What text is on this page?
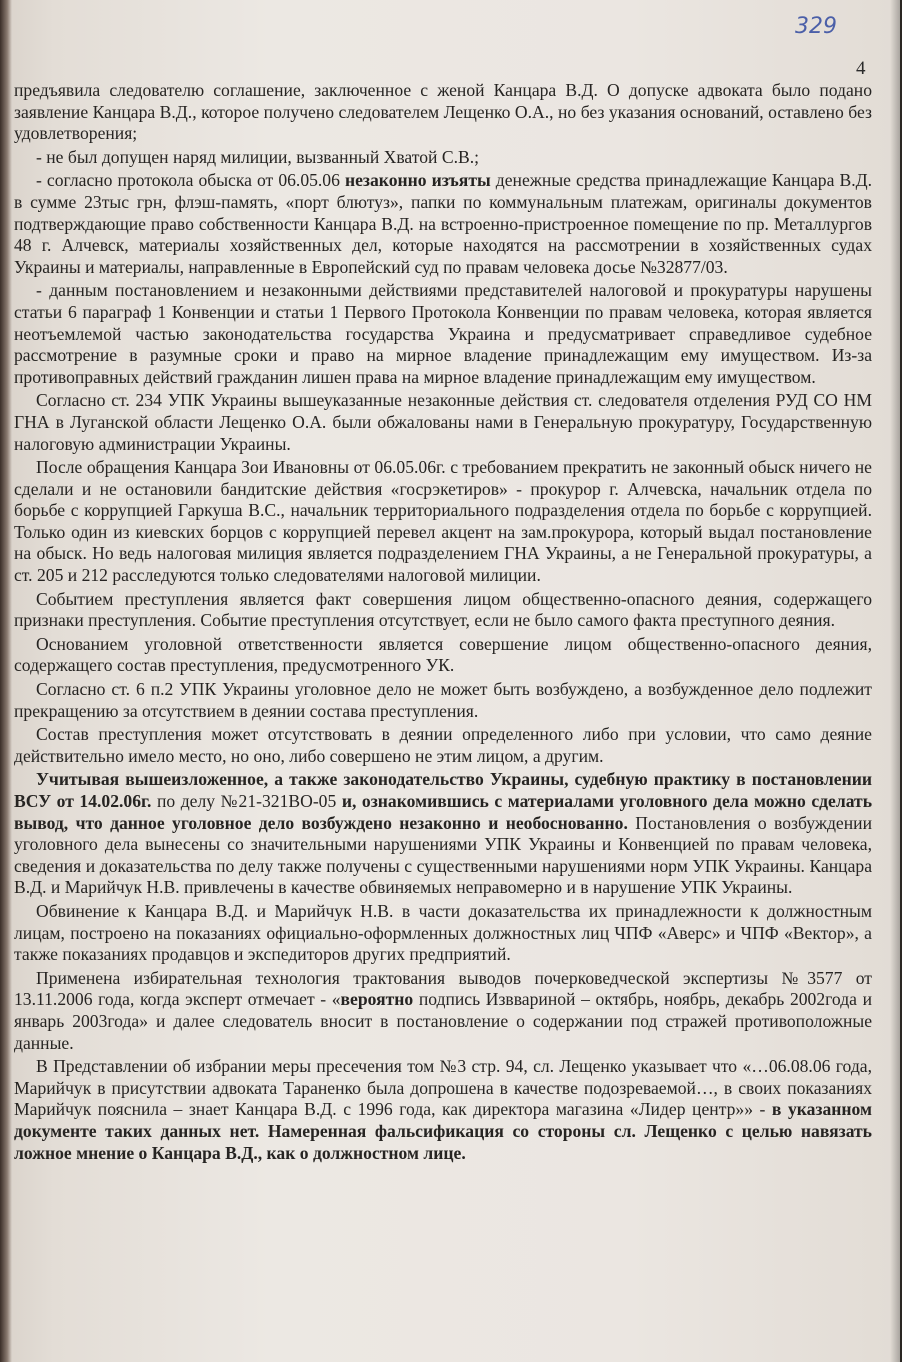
329
4

предъявила следователю соглашение, заключенное с женой Канцара В.Д. О допуске адвоката было подано заявление Канцара В.Д., которое получено следователем Лещенко О.А., но без указания оснований, оставлено без удовлетворения;

- не был допущен наряд милиции, вызванный Хватой С.В.;

- согласно протокола обыска от 06.05.06 незаконно изъяты денежные средства принадлежащие Канцара В.Д. в сумме 23тыс грн, флэш-память, «порт блютуз», папки по коммунальным платежам, оригиналы документов подтверждающие право собственности Канцара В.Д. на встроенно-пристроенное помещение по пр. Металлургов 48 г. Алчевск, материалы хозяйственных дел, которые находятся на рассмотрении в хозяйственных судах Украины и материалы, направленные в Европейский суд по правам человека досье №32877/03.

- данным постановлением и незаконными действиями представителей налоговой и прокуратуры нарушены статьи 6 параграф 1 Конвенции и статьи 1 Первого Протокола Конвенции по правам человека, которая является неотъемлемой частью законодательства государства Украина и предусматривает справедливое судебное рассмотрение в разумные сроки и право на мирное владение принадлежащим ему имуществом. Из-за противоправных действий гражданин лишен права на мирное владение принадлежащим ему имуществом.

Согласно ст. 234 УПК Украины вышеуказанные незаконные действия ст. следователя отделения РУД СО НМ ГНА в Луганской области Лещенко О.А. были обжалованы нами в Генеральную прокуратуру, Государственную налоговую администрации Украины.

После обращения Канцара Зои Ивановны от 06.05.06г. с требованием прекратить не законный обыск ничего не сделали и не остановили бандитские действия «госрэкетиров» - прокурор г. Алчевска, начальник отдела по борьбе с коррупцией Гаркуша В.С., начальник территориального подразделения отдела по борьбе с коррупцией. Только один из киевских борцов с коррупцией перевел акцент на зам.прокурора, который выдал постановление на обыск. Но ведь налоговая милиция является подразделением ГНА Украины, а не Генеральной прокуратуры, а ст. 205 и 212 расследуются только следователями налоговой милиции.

Событием преступления является факт совершения лицом общественно-опасного деяния, содержащего признаки преступления. Событие преступления отсутствует, если не было самого факта преступного деяния.

Основанием уголовной ответственности является совершение лицом общественно-опасного деяния, содержащего состав преступления, предусмотренного УК.

Согласно ст. 6 п.2 УПК Украины уголовное дело не может быть возбуждено, а возбужденное дело подлежит прекращению за отсутствием в деянии состава преступления.

Состав преступления может отсутствовать в деянии определенного либо при условии, что само деяние действительно имело место, но оно, либо совершено не этим лицом, а другим.

Учитывая вышеизложенное, а также законодательство Украины, судебную практику в постановлении ВСУ от 14.02.06г. по делу №21-321ВО-05 и, ознакомившись с материалами уголовного дела можно сделать вывод, что данное уголовное дело возбуждено незаконно и необоснованно. Постановления о возбуждении уголовного дела вынесены со значительными нарушениями УПК Украины и Конвенцией по правам человека, сведения и доказательства по делу также получены с существенными нарушениями норм УПК Украины. Канцара В.Д. и Марийчук Н.В. привлечены в качестве обвиняемых неправомерно и в нарушение УПК Украины.

Обвинение к Канцара В.Д. и Марийчук Н.В. в части доказательства их принадлежности к должностным лицам, построено на показаниях официально-оформленных должностных лиц ЧПФ «Аверс» и ЧПФ «Вектор», а также показаниях продавцов и экспедиторов других предприятий.

Применена избирательная технология трактования выводов почерковедческой экспертизы №3577 от 13.11.2006 года, когда эксперт отмечает - «вероятно подпись Изввариной – октябрь, ноябрь, декабрь 2002года и январь 2003года» и далее следователь вносит в постановление о содержании под стражей противоположные данные.

В Представлении об избрании меры пресечения том №3 стр. 94, сл. Лещенко указывает что «…06.08.06 года, Марийчук в присутствии адвоката Тараненко была допрошена в качестве подозреваемой…, в своих показаниях Марийчук пояснила – знает Канцара В.Д. с 1996 года, как директора магазина «Лидер центр»» - в указанном документе таких данных нет. Намеренная фальсификация со стороны сл. Лещенко с целью навязать ложное мнение о Канцара В.Д., как о должностном лице.
